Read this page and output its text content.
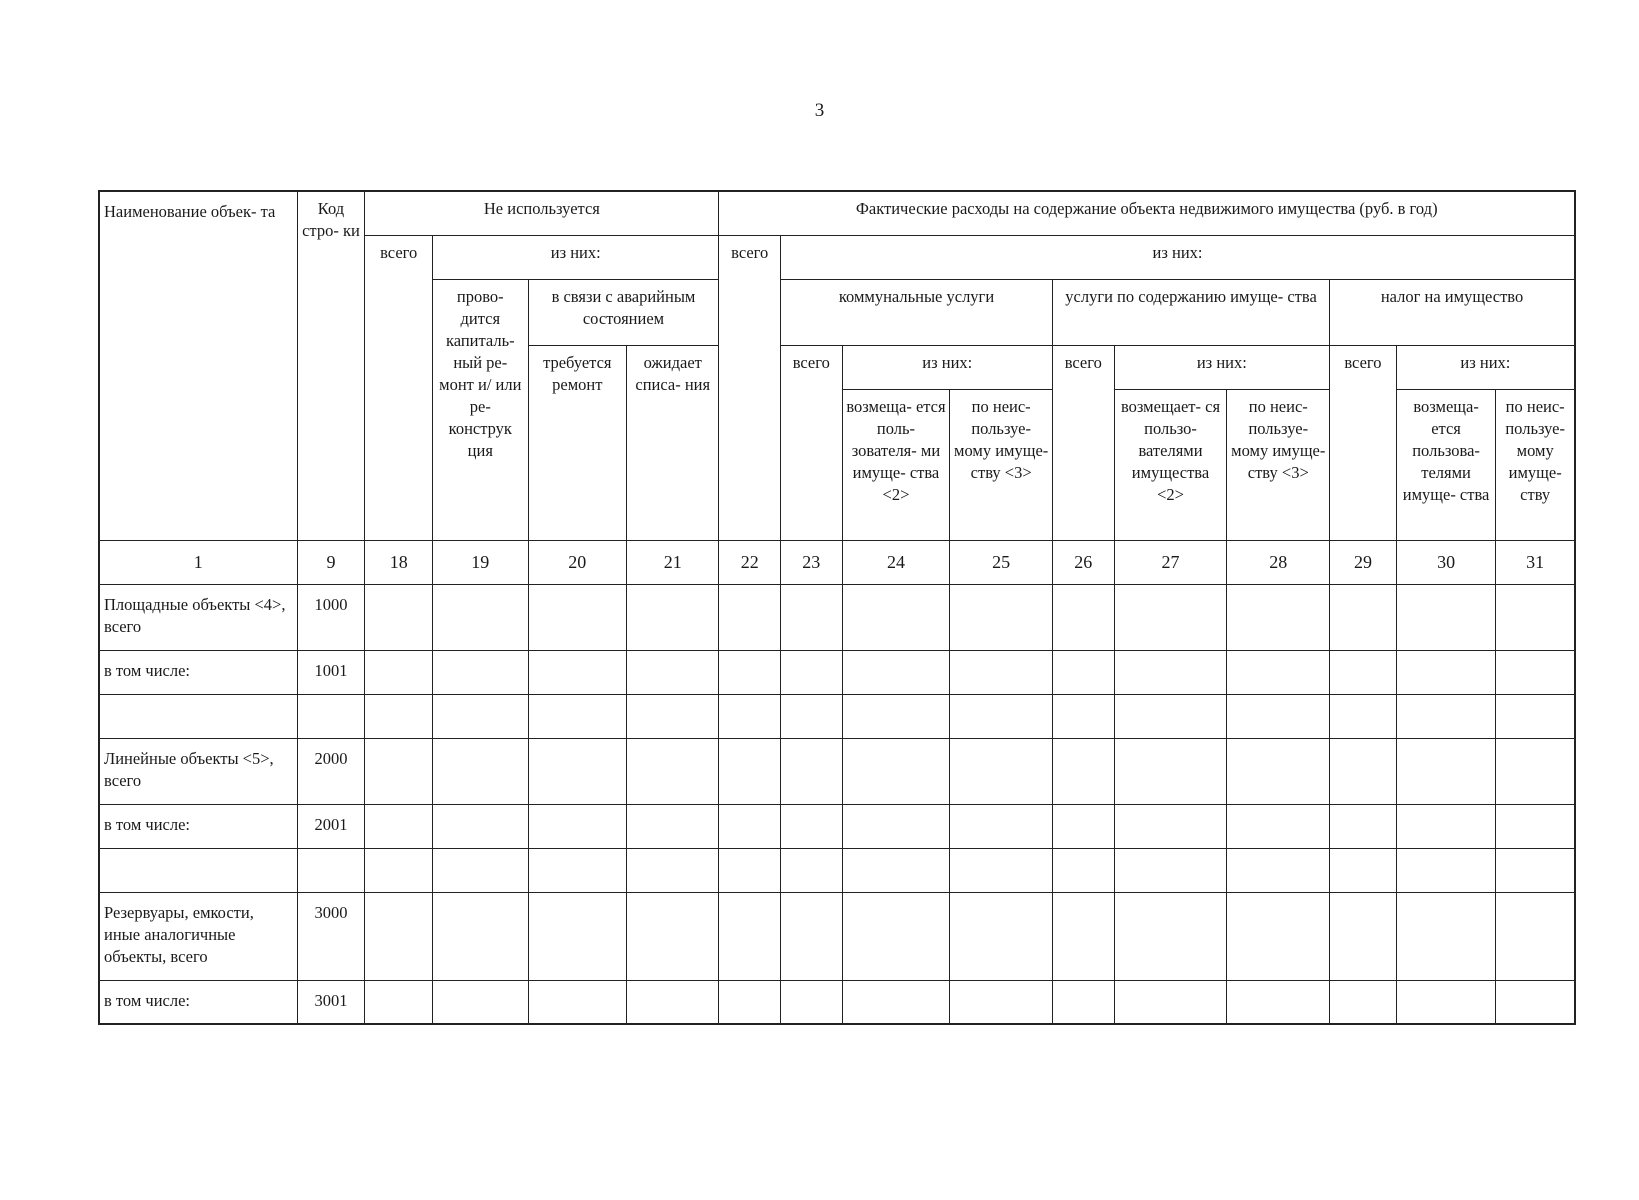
3
Наименование объек- та	Код стро- ки	Не используется				Фактические расходы на содержание объекта недвижимого имущества (руб. в год)									
		всего	из них:			всего	из них:								
			прово- дится капиталь- ный ре- монт и/ или ре- конструк ция	в связи с аварийным состоянием			коммунальные услуги			услуги по содержанию имуще- ства			налог на имущество		
				требуется ремонт	ожидает списа- ния		всего	из них:		всего	из них:		всего	из них:	
								возмеща- ется поль- зователя- ми имуще- ства <2>	по неис- пользуе- мому имуще- ству <3>		возмещает- ся пользо- вателями имущества <2>	по неис- пользуе- мому имуще- ству <3>		возмеща- ется пользова- телями имуще- ства	по неис- пользуе- мому имуще- ству
1	9	18	19	20	21	22	23	24	25	26	27	28	29	30	31
Площадные объекты <4>, всего	1000														
в том числе:	1001														

Линейные объекты <5>, всего	2000														
в том числе:	2001														

Резервуары, емкости, иные аналогичные объекты, всего	3000														
в том числе:	3001														
